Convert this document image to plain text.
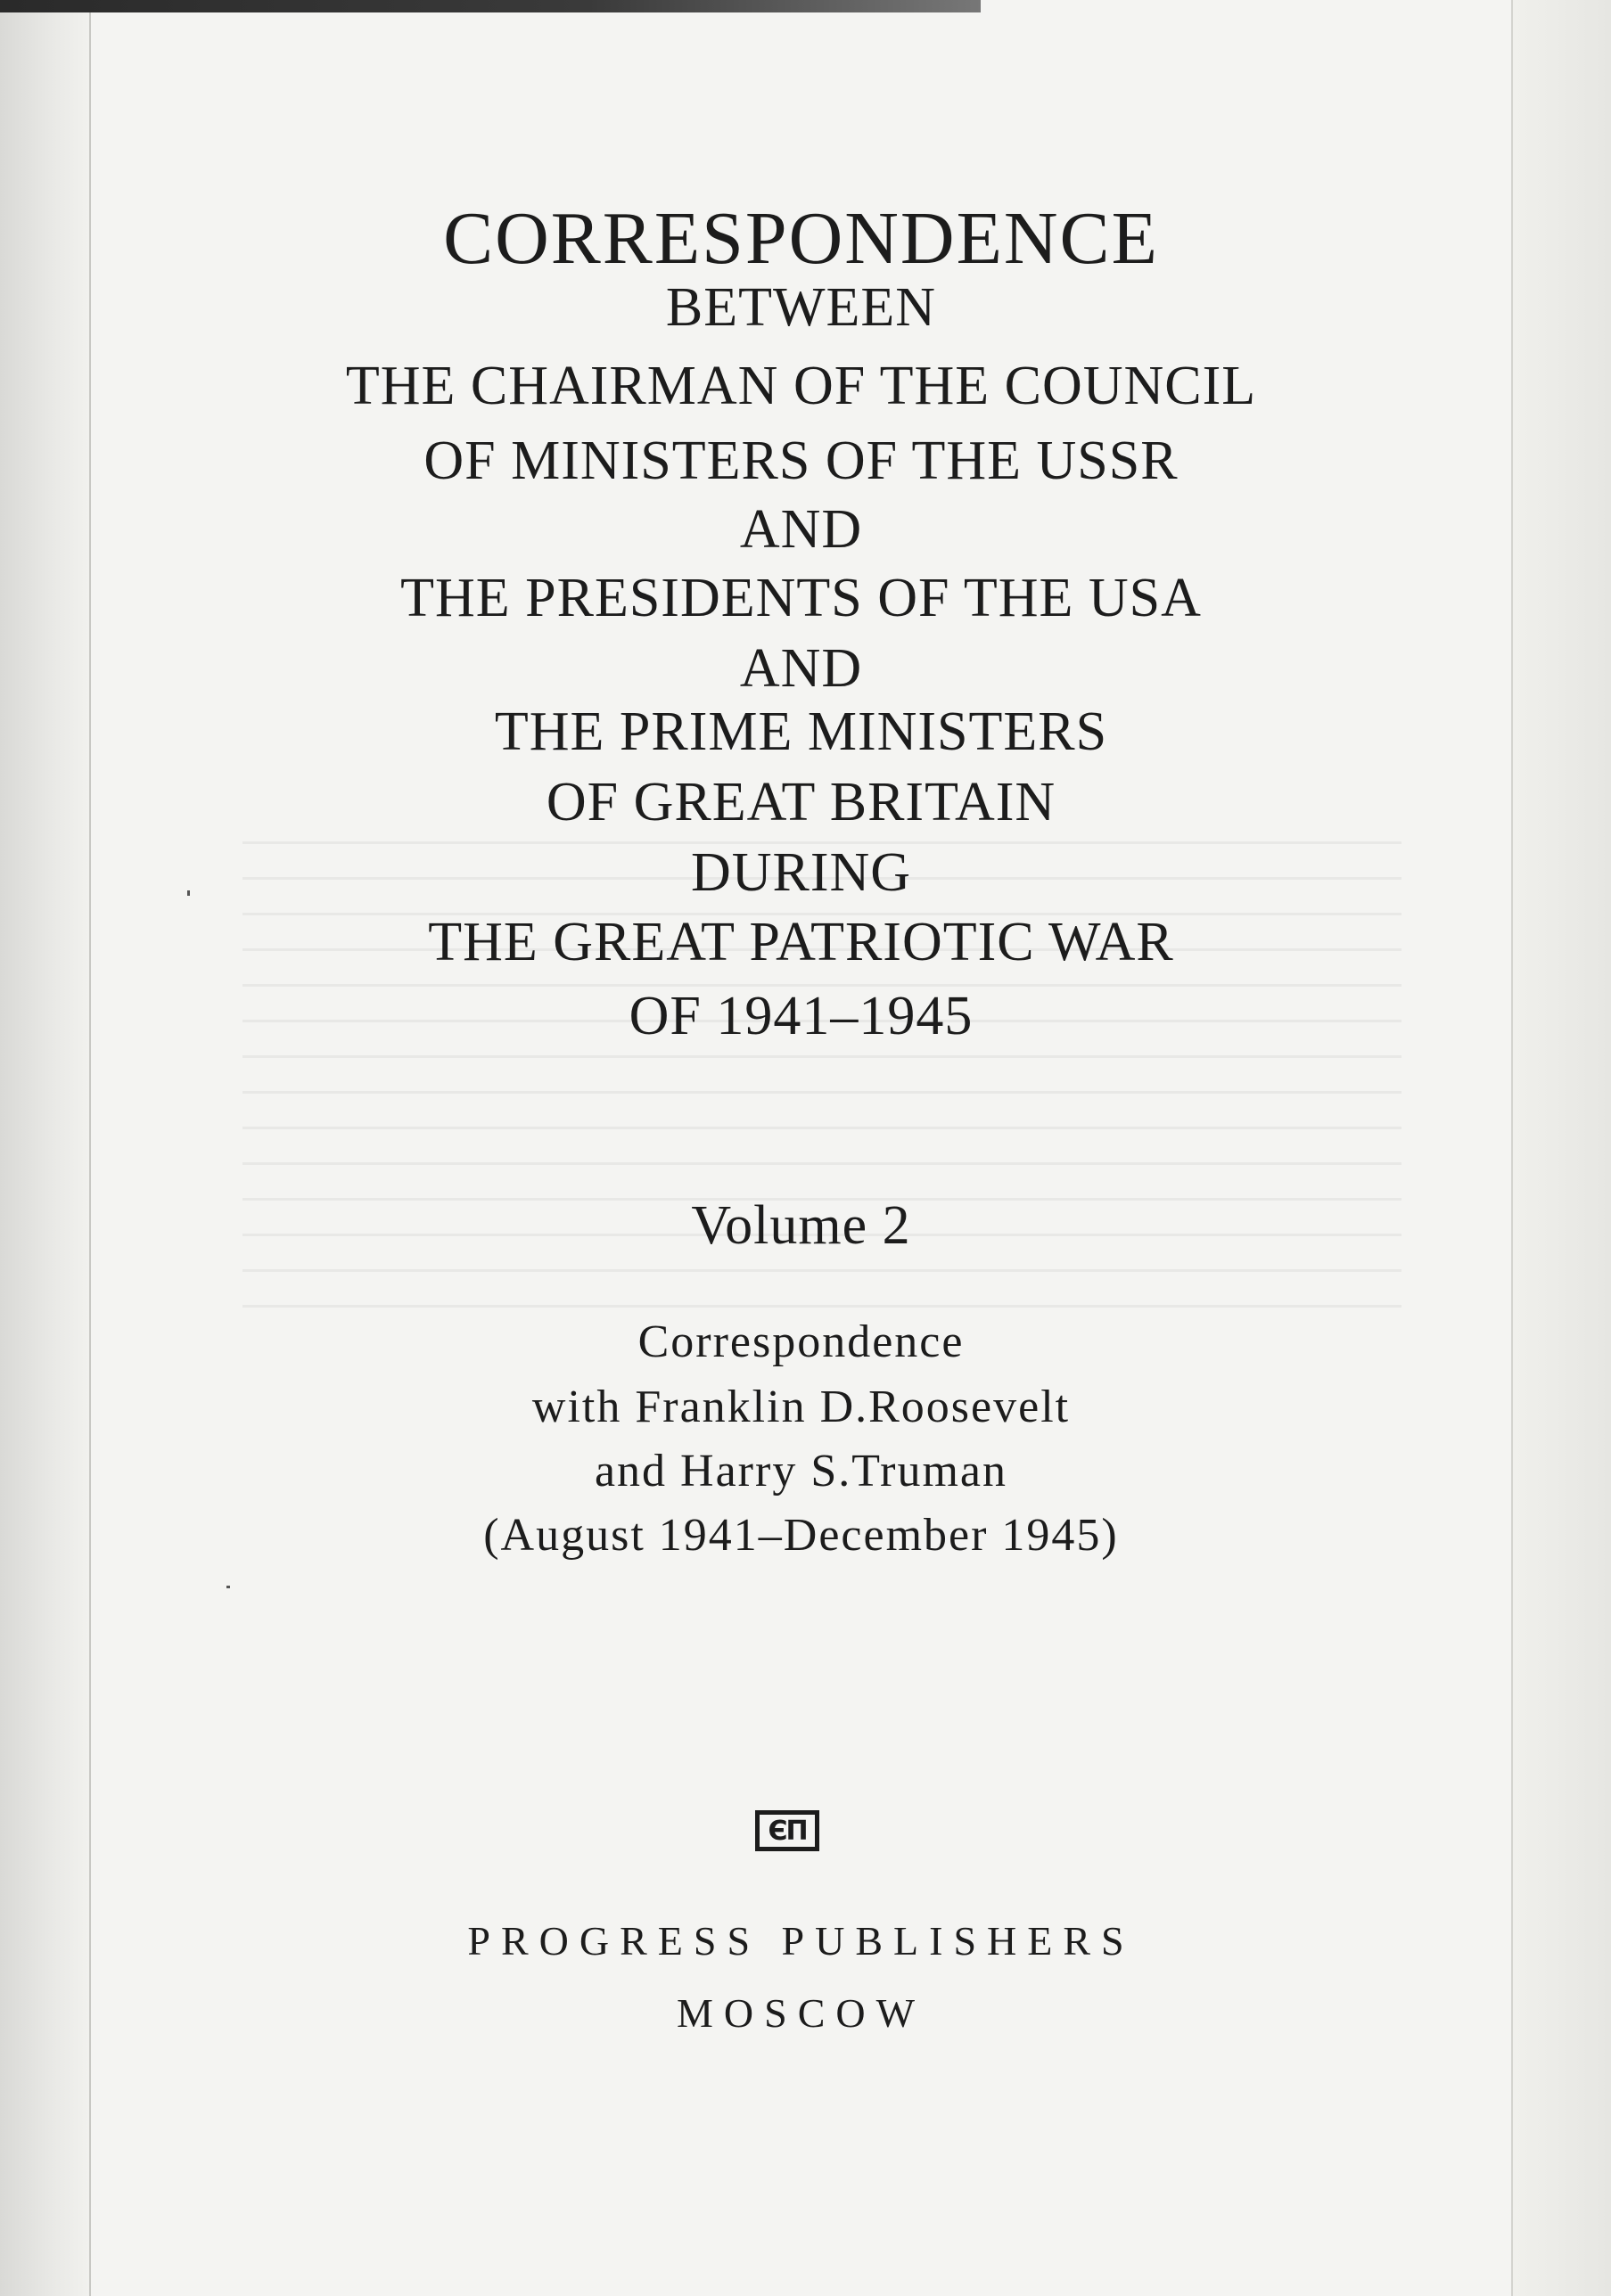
CORRESPONDENCE
BETWEEN
THE CHAIRMAN OF THE COUNCIL
OF MINISTERS OF THE USSR
AND
THE PRESIDENTS OF THE USA
AND
THE PRIME MINISTERS
OF GREAT BRITAIN
DURING
THE GREAT PATRIOTIC WAR
OF 1941–1945
Volume 2
Correspondence
with Franklin D.Roosevelt
and Harry S.Truman
(August 1941–December 1945)
ЄП
PROGRESS PUBLISHERS
MOSCOW
